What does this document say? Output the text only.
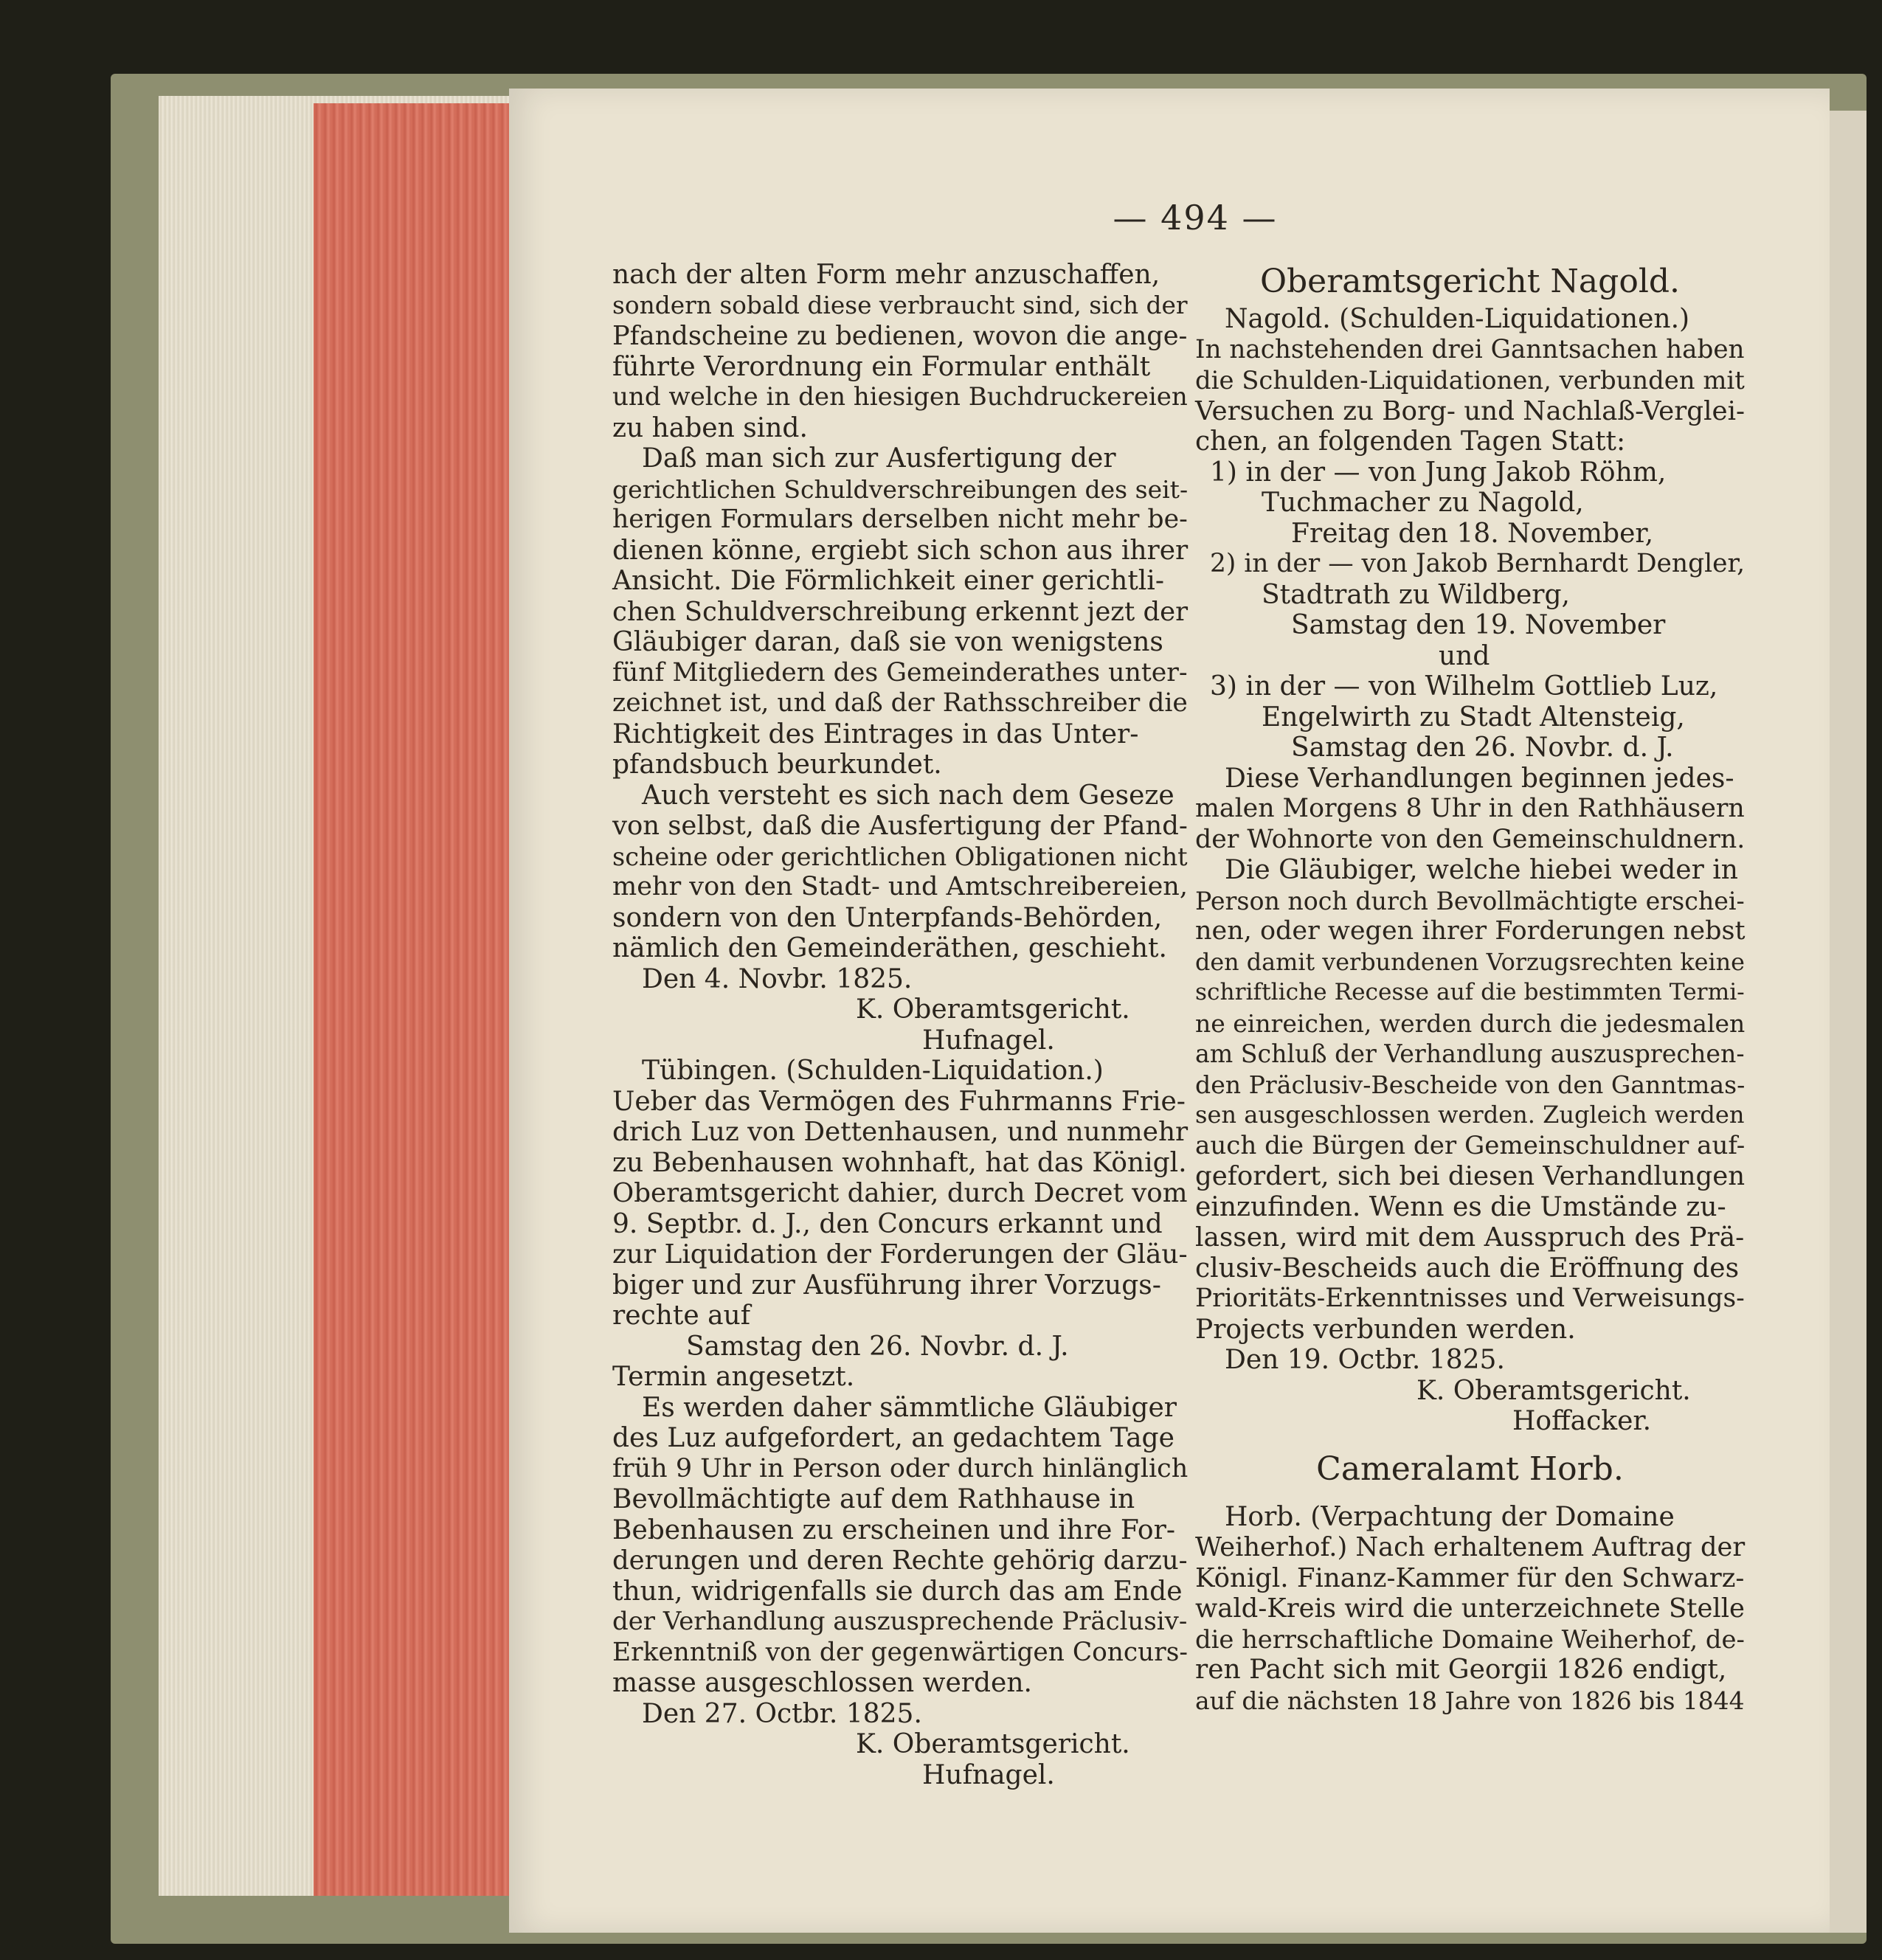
— 494 —

nach der alten Form mehr anzuschaffen,

sondern sobald diese verbraucht sind, sich der

Pfandscheine zu bedienen, wovon die ange-

führte Verordnung ein Formular enthält

und welche in den hiesigen Buchdruckereien

zu haben sind.

Daß man sich zur Ausfertigung der

gerichtlichen Schuldverschreibungen des seit-

herigen Formulars derselben nicht mehr be-

dienen könne, ergiebt sich schon aus ihrer

Ansicht. Die Förmlichkeit einer gerichtli-

chen Schuldverschreibung erkennt jezt der

Gläubiger daran, daß sie von wenigstens

fünf Mitgliedern des Gemeinderathes unter-

zeichnet ist, und daß der Rathsschreiber die

Richtigkeit des Eintrages in das Unter-

pfandsbuch beurkundet.

Auch versteht es sich nach dem Geseze

von selbst, daß die Ausfertigung der Pfand-

scheine oder gerichtlichen Obligationen nicht

mehr von den Stadt- und Amtschreibereien,

sondern von den Unterpfands-Behörden,

nämlich den Gemeinderäthen, geschieht.

Den 4. Novbr. 1825.

K. Oberamtsgericht.

Hufnagel.

Tübingen. (Schulden-Liquidation.)

Ueber das Vermögen des Fuhrmanns Frie-

drich Luz von Dettenhausen, und nunmehr

zu Bebenhausen wohnhaft, hat das Königl.

Oberamtsgericht dahier, durch Decret vom

9. Septbr. d. J., den Concurs erkannt und

zur Liquidation der Forderungen der Gläu-

biger und zur Ausführung ihrer Vorzugs-

rechte auf

Samstag den 26. Novbr. d. J.

Termin angesetzt.

Es werden daher sämmtliche Gläubiger

des Luz aufgefordert, an gedachtem Tage

früh 9 Uhr in Person oder durch hinlänglich

Bevollmächtigte auf dem Rathhause in

Bebenhausen zu erscheinen und ihre For-

derungen und deren Rechte gehörig darzu-

thun, widrigenfalls sie durch das am Ende

der Verhandlung auszusprechende Präclusiv-

Erkenntniß von der gegenwärtigen Concurs-

masse ausgeschlossen werden.

Den 27. Octbr. 1825.

K. Oberamtsgericht.

Hufnagel.

Oberamtsgericht Nagold.

Nagold. (Schulden-Liquidationen.)

In nachstehenden drei Ganntsachen haben

die Schulden-Liquidationen, verbunden mit

Versuchen zu Borg- und Nachlaß-Verglei-

chen, an folgenden Tagen Statt:

1) in der — von Jung Jakob Röhm,

Tuchmacher zu Nagold,

Freitag den 18. November,

2) in der — von Jakob Bernhardt Dengler,

Stadtrath zu Wildberg,

Samstag den 19. November

und

3) in der — von Wilhelm Gottlieb Luz,

Engelwirth zu Stadt Altensteig,

Samstag den 26. Novbr. d. J.

Diese Verhandlungen beginnen jedes-

malen Morgens 8 Uhr in den Rathhäusern

der Wohnorte von den Gemeinschuldnern.

Die Gläubiger, welche hiebei weder in

Person noch durch Bevollmächtigte erschei-

nen, oder wegen ihrer Forderungen nebst

den damit verbundenen Vorzugsrechten keine

schriftliche Recesse auf die bestimmten Termi-

ne einreichen, werden durch die jedesmalen

am Schluß der Verhandlung auszusprechen-

den Präclusiv-Bescheide von den Ganntmas-

sen ausgeschlossen werden. Zugleich werden

auch die Bürgen der Gemeinschuldner auf-

gefordert, sich bei diesen Verhandlungen

einzufinden. Wenn es die Umstände zu-

lassen, wird mit dem Ausspruch des Prä-

clusiv-Bescheids auch die Eröffnung des

Prioritäts-Erkenntnisses und Verweisungs-

Projects verbunden werden.

Den 19. Octbr. 1825.

K. Oberamtsgericht.

Hoffacker.

Cameralamt Horb.

Horb. (Verpachtung der Domaine

Weiherhof.) Nach erhaltenem Auftrag der

Königl. Finanz-Kammer für den Schwarz-

wald-Kreis wird die unterzeichnete Stelle

die herrschaftliche Domaine Weiherhof, de-

ren Pacht sich mit Georgii 1826 endigt,

auf die nächsten 18 Jahre von 1826 bis 1844
